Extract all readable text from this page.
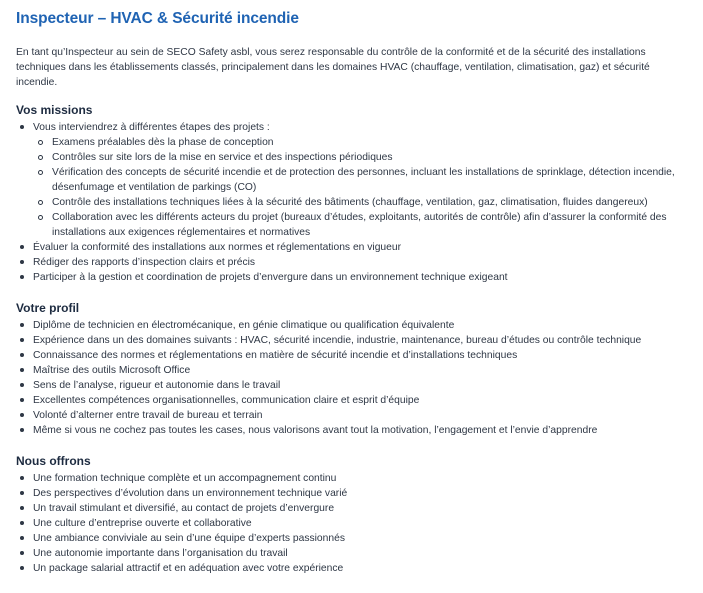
Inspecteur – HVAC & Sécurité incendie

En tant qu’Inspecteur au sein de SECO Safety asbl, vous serez responsable du contrôle de la conformité et de la sécurité des installations techniques dans les établissements classés, principalement dans les domaines HVAC (chauffage, ventilation, climatisation, gaz) et sécurité incendie.

Vos missions
Vous interviendrez à différentes étapes des projets :
Examens préalables dès la phase de conception
Contrôles sur site lors de la mise en service et des inspections périodiques
Vérification des concepts de sécurité incendie et de protection des personnes, incluant les installations de sprinklage, détection incendie, désenfumage et ventilation de parkings (CO)
Contrôle des installations techniques liées à la sécurité des bâtiments (chauffage, ventilation, gaz, climatisation, fluides dangereux)
Collaboration avec les différents acteurs du projet (bureaux d’études, exploitants, autorités de contrôle) afin d’assurer la conformité des installations aux exigences réglementaires et normatives
Évaluer la conformité des installations aux normes et réglementations en vigueur
Rédiger des rapports d’inspection clairs et précis
Participer à la gestion et coordination de projets d’envergure dans un environnement technique exigeant
Votre profil
Diplôme de technicien en électromécanique, en génie climatique ou qualification équivalente
Expérience dans un des domaines suivants : HVAC, sécurité incendie, industrie, maintenance, bureau d’études ou contrôle technique
Connaissance des normes et réglementations en matière de sécurité incendie et d’installations techniques
Maîtrise des outils Microsoft Office
Sens de l’analyse, rigueur et autonomie dans le travail
Excellentes compétences organisationnelles, communication claire et esprit d’équipe
Volonté d’alterner entre travail de bureau et terrain
Même si vous ne cochez pas toutes les cases, nous valorisons avant tout la motivation, l’engagement et l’envie d’apprendre
Nous offrons
Une formation technique complète et un accompagnement continu
Des perspectives d’évolution dans un environnement technique varié
Un travail stimulant et diversifié, au contact de projets d’envergure
Une culture d’entreprise ouverte et collaborative
Une ambiance conviviale au sein d’une équipe d’experts passionnés
Une autonomie importante dans l’organisation du travail
Un package salarial attractif et en adéquation avec votre expérience
